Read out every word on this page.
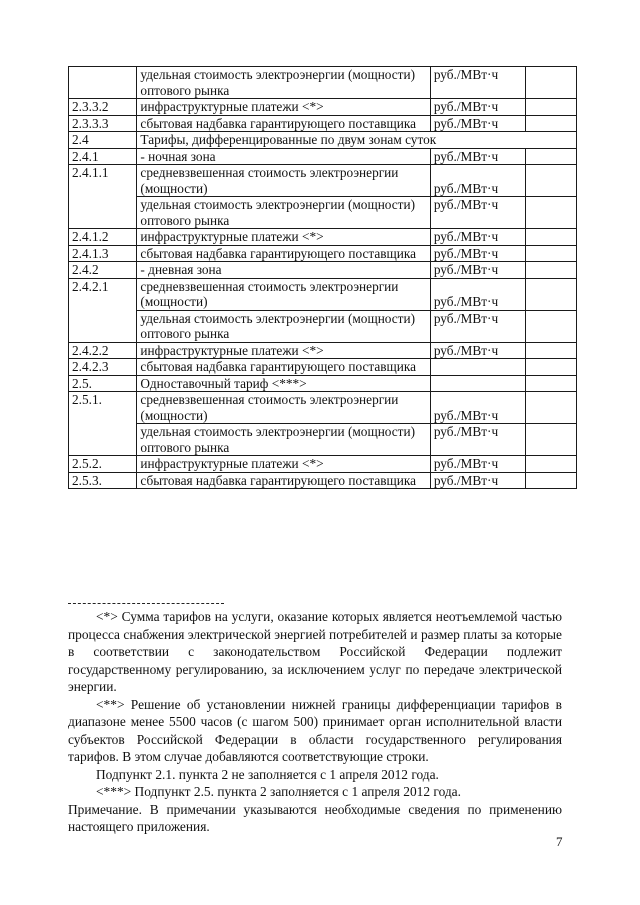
	удельная стоимость электроэнергии (мощности) оптового рынка	руб./МВт·ч	
2.3.3.2	инфраструктурные платежи <*>	руб./МВт·ч	
2.3.3.3	сбытовая надбавка гарантирующего поставщика	руб./МВт·ч	
2.4	Тарифы, дифференцированные по двум зонам суток		
2.4.1	- ночная зона	руб./МВт·ч	
2.4.1.1	средневзвешенная стоимость электроэнергии (мощности)	руб./МВт·ч	
	удельная стоимость электроэнергии (мощности) оптового рынка	руб./МВт·ч	
2.4.1.2	инфраструктурные платежи <*>	руб./МВт·ч	
2.4.1.3	сбытовая надбавка гарантирующего поставщика	руб./МВт·ч	
2.4.2	- дневная зона	руб./МВт·ч	
2.4.2.1	средневзвешенная стоимость электроэнергии (мощности)	руб./МВт·ч	
	удельная стоимость электроэнергии (мощности) оптового рынка	руб./МВт·ч	
2.4.2.2	инфраструктурные платежи <*>	руб./МВт·ч	
2.4.2.3	сбытовая надбавка гарантирующего поставщика		
2.5.	Одноставочный тариф <***>		
2.5.1.	средневзвешенная стоимость электроэнергии (мощности)	руб./МВт·ч	
	удельная стоимость электроэнергии (мощности) оптового рынка	руб./МВт·ч	
2.5.2.	инфраструктурные платежи <*>	руб./МВт·ч	
2.5.3.	сбытовая надбавка гарантирующего поставщика	руб./МВт·ч	

<*> Сумма тарифов на услуги, оказание которых является неотъемлемой частью процесса снабжения электрической энергией потребителей и размер платы за которые в соответствии с законодательством Российской Федерации подлежит государственному регулированию, за исключением услуг по передаче электрической энергии.

<**> Решение об установлении нижней границы дифференциации тарифов в диапазоне менее 5500 часов (с шагом 500) принимает орган исполнительной власти субъектов Российской Федерации в области государственного регулирования тарифов. В этом случае добавляются соответствующие строки.

Подпункт 2.1. пункта 2 не заполняется с 1 апреля 2012 года.

<***> Подпункт 2.5. пункта 2 заполняется с 1 апреля 2012 года.

Примечание. В примечании указываются необходимые сведения по применению настоящего приложения.

7
